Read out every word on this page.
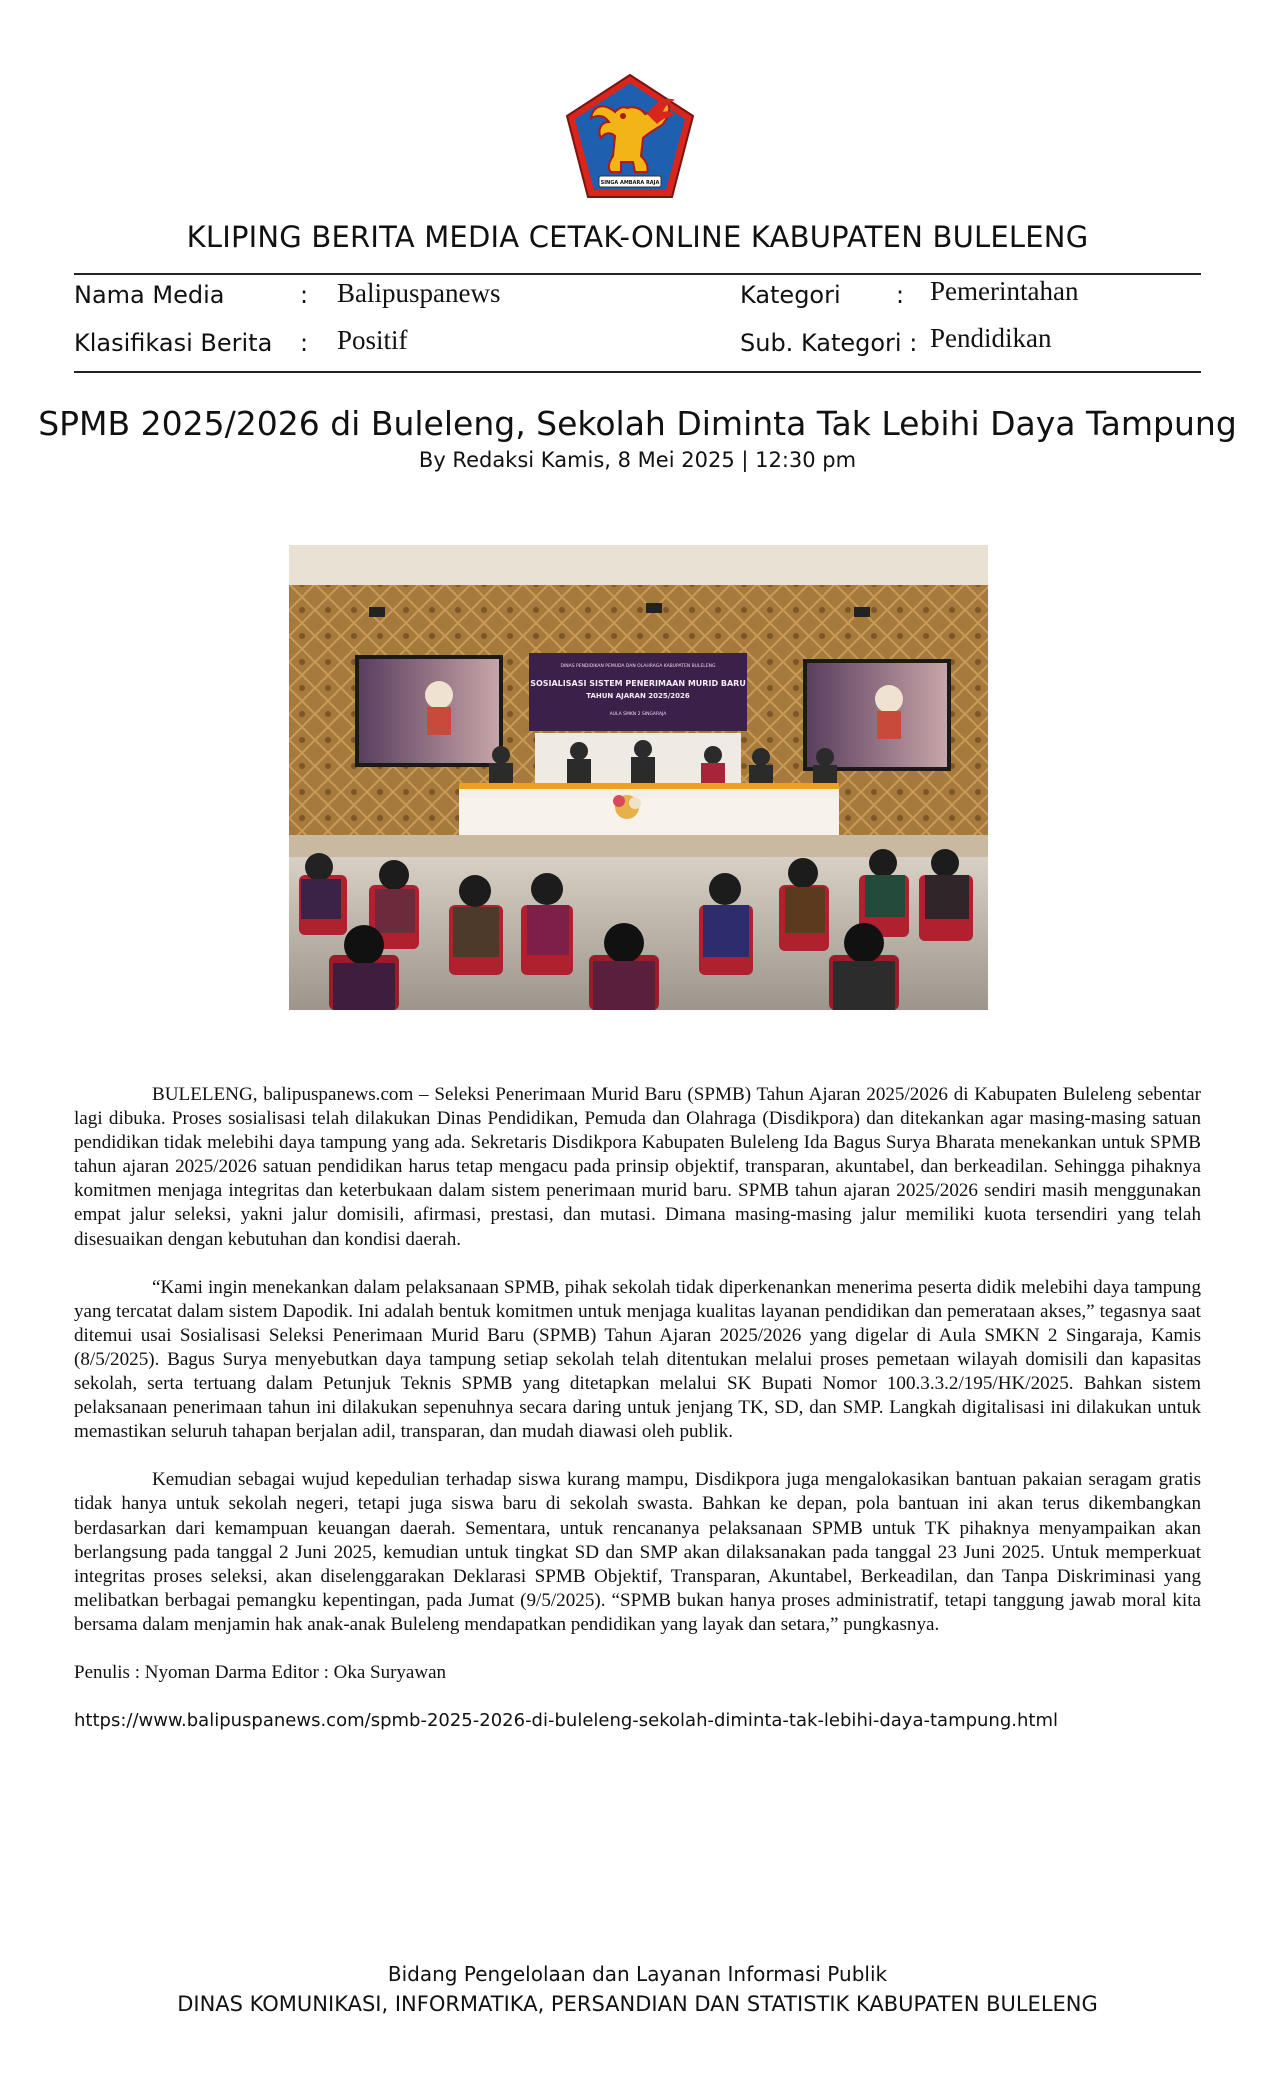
SINGA AMBARA RAJA
KLIPING BERITA MEDIA CETAK-ONLINE KABUPATEN BULELENG
Nama Media	: Balipuspanews	Kategori : Pemerintahan
Klasifikasi Berita : Positif	Sub. Kategori : Pendidikan
SPMB 2025/2026 di Buleleng, Sekolah Diminta Tak Lebihi Daya Tampung
By Redaksi Kamis, 8 Mei 2025 | 12:30 pm
DINAS PENDIDIKAN PEMUDA DAN OLAHRAGA KABUPATEN BULELENG
SOSIALISASI SISTEM PENERIMAAN MURID BARU
TAHUN AJARAN 2025/2026
AULA SMKN 2 SINGARAJA

BULELENG, balipuspanews.com – Seleksi Penerimaan Murid Baru (SPMB) Tahun Ajaran 2025/2026 di Kabupaten Buleleng sebentar lagi dibuka. Proses sosialisasi telah dilakukan Dinas Pendidikan, Pemuda dan Olahraga (Disdikpora) dan ditekankan agar masing-masing satuan pendidikan tidak melebihi daya tampung yang ada. Sekretaris Disdikpora Kabupaten Buleleng Ida Bagus Surya Bharata menekankan untuk SPMB tahun ajaran 2025/2026 satuan pendidikan harus tetap mengacu pada prinsip objektif, transparan, akuntabel, dan berkeadilan. Sehingga pihaknya komitmen menjaga integritas dan keterbukaan dalam sistem penerimaan murid baru. SPMB tahun ajaran 2025/2026 sendiri masih menggunakan empat jalur seleksi, yakni jalur domisili, afirmasi, prestasi, dan mutasi. Dimana masing-masing jalur memiliki kuota tersendiri yang telah disesuaikan dengan kebutuhan dan kondisi daerah.

“Kami ingin menekankan dalam pelaksanaan SPMB, pihak sekolah tidak diperkenankan menerima peserta didik melebihi daya tampung yang tercatat dalam sistem Dapodik. Ini adalah bentuk komitmen untuk menjaga kualitas layanan pendidikan dan pemerataan akses,” tegasnya saat ditemui usai Sosialisasi Seleksi Penerimaan Murid Baru (SPMB) Tahun Ajaran 2025/2026 yang digelar di Aula SMKN 2 Singaraja, Kamis (8/5/2025). Bagus Surya menyebutkan daya tampung setiap sekolah telah ditentukan melalui proses pemetaan wilayah domisili dan kapasitas sekolah, serta tertuang dalam Petunjuk Teknis SPMB yang ditetapkan melalui SK Bupati Nomor 100.3.3.2/195/HK/2025. Bahkan sistem pelaksanaan penerimaan tahun ini dilakukan sepenuhnya secara daring untuk jenjang TK, SD, dan SMP. Langkah digitalisasi ini dilakukan untuk memastikan seluruh tahapan berjalan adil, transparan, dan mudah diawasi oleh publik.

Kemudian sebagai wujud kepedulian terhadap siswa kurang mampu, Disdikpora juga mengalokasikan bantuan pakaian seragam gratis tidak hanya untuk sekolah negeri, tetapi juga siswa baru di sekolah swasta. Bahkan ke depan, pola bantuan ini akan terus dikembangkan berdasarkan dari kemampuan keuangan daerah. Sementara, untuk rencananya pelaksanaan SPMB untuk TK pihaknya menyampaikan akan berlangsung pada tanggal 2 Juni 2025, kemudian untuk tingkat SD dan SMP akan dilaksanakan pada tanggal 23 Juni 2025. Untuk memperkuat integritas proses seleksi, akan diselenggarakan Deklarasi SPMB Objektif, Transparan, Akuntabel, Berkeadilan, dan Tanpa Diskriminasi yang melibatkan berbagai pemangku kepentingan, pada Jumat (9/5/2025). “SPMB bukan hanya proses administratif, tetapi tanggung jawab moral kita bersama dalam menjamin hak anak-anak Buleleng mendapatkan pendidikan yang layak dan setara,” pungkasnya.

Penulis : Nyoman Darma Editor : Oka Suryawan
https://www.balipuspanews.com/spmb-2025-2026-di-buleleng-sekolah-diminta-tak-lebihi-daya-tampung.html
Bidang Pengelolaan dan Layanan Informasi Publik
DINAS KOMUNIKASI, INFORMATIKA, PERSANDIAN DAN STATISTIK KABUPATEN BULELENG
